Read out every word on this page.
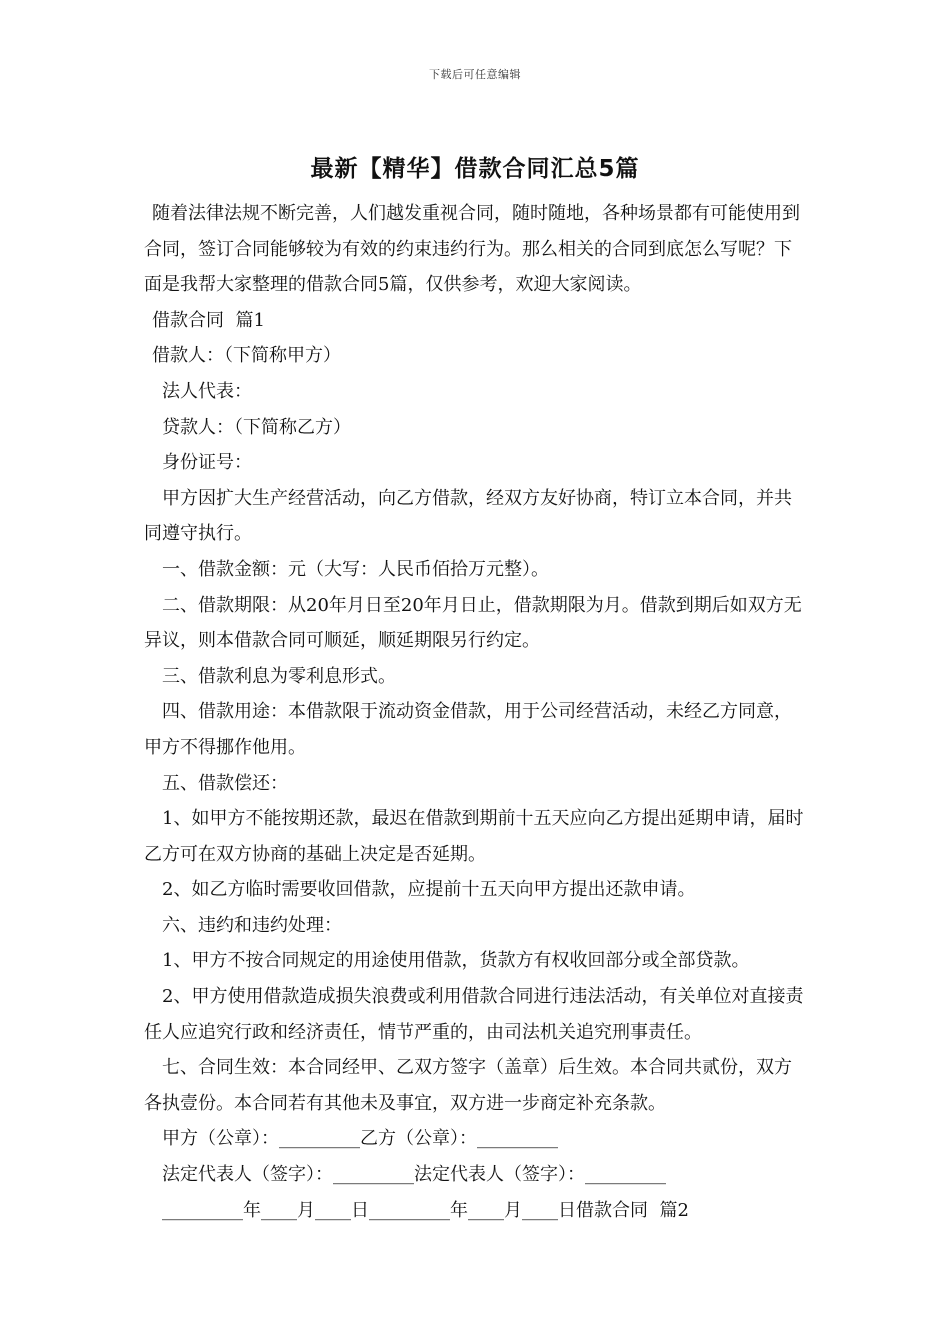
下载后可任意编辑
最新【精华】借款合同汇总5篇

随着法律法规不断完善，人们越发重视合同，随时随地，各种场景都有可能使用到合同，签订合同能够较为有效的约束违约行为。那么相关的合同到底怎么写呢？下面是我帮大家整理的借款合同5篇，仅供参考，欢迎大家阅读。

借款合同  篇1

借款人：（下简称甲方）

法人代表：

贷款人：（下简称乙方）

身份证号：

甲方因扩大生产经营活动，向乙方借款，经双方友好协商，特订立本合同，并共同遵守执行。

一、借款金额：元（大写：人民币佰拾万元整）。

二、借款期限：从20年月日至20年月日止，借款期限为月。借款到期后如双方无异议，则本借款合同可顺延，顺延期限另行约定。

三、借款利息为零利息形式。

四、借款用途：本借款限于流动资金借款，用于公司经营活动，未经乙方同意，甲方不得挪作他用。

五、借款偿还：

1、如甲方不能按期还款，最迟在借款到期前十五天应向乙方提出延期申请，届时乙方可在双方协商的基础上决定是否延期。

2、如乙方临时需要收回借款，应提前十五天向甲方提出还款申请。

六、违约和违约处理：

1、甲方不按合同规定的用途使用借款，货款方有权收回部分或全部贷款。

2、甲方使用借款造成损失浪费或利用借款合同进行违法活动，有关单位对直接责任人应追究行政和经济责任，情节严重的，由司法机关追究刑事责任。

七、合同生效：本合同经甲、乙双方签字（盖章）后生效。本合同共贰份，双方各执壹份。本合同若有其他未及事宜，双方进一步商定补充条款。

甲方（公章）：_________乙方（公章）：_________

法定代表人（签字）：_________法定代表人（签字）：_________

_________年____月____日_________年____月____日借款合同  篇2
